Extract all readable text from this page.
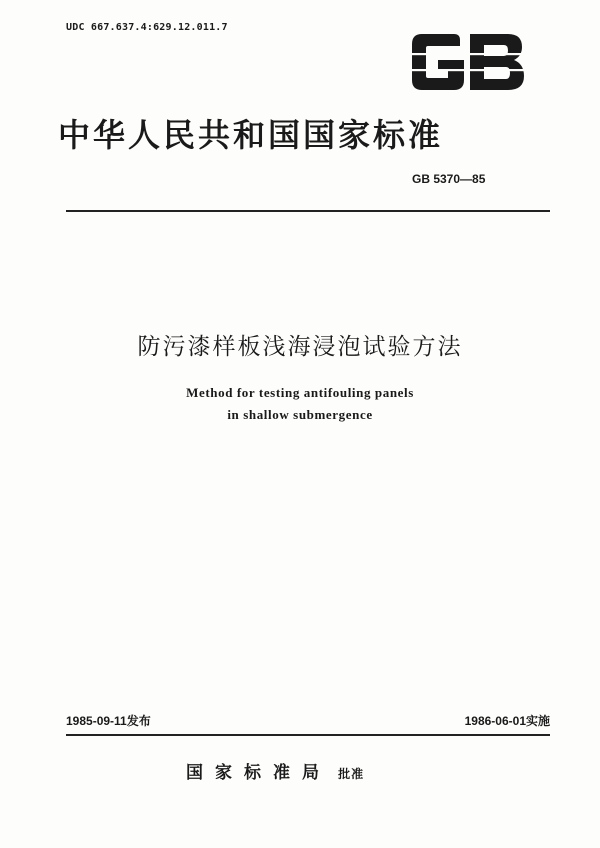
UDC 667.637.4:629.12.011.7
中华人民共和国国家标准
GB 5370—85
防污漆样板浅海浸泡试验方法
Method for testing antifouling panels
in shallow submergence
1985-09-11发布	1986-06-01实施
国家标准局 批准
